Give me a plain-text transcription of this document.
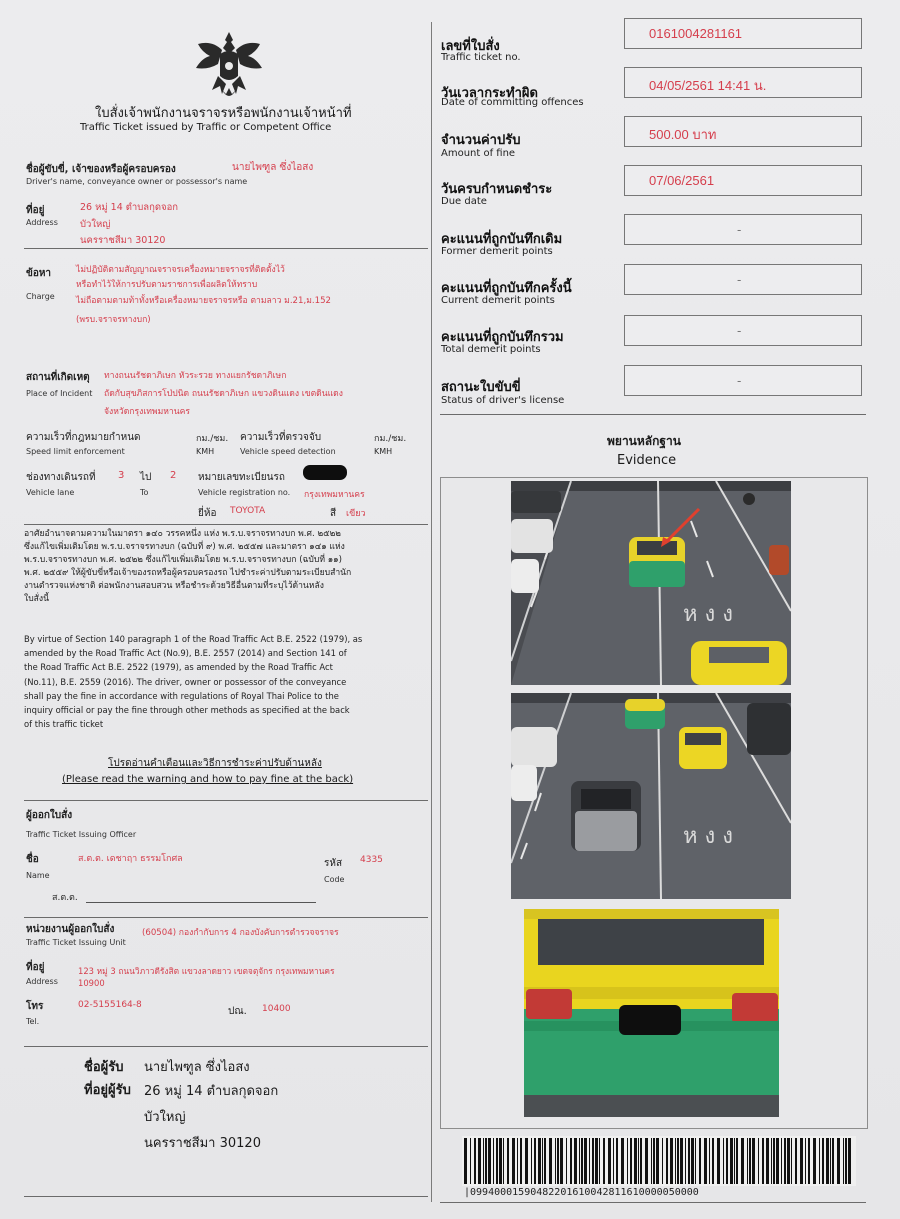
ใบสั่งเจ้าพนักงานจราจรหรือพนักงานเจ้าหน้าที่
Traffic Ticket issued by Traffic or Competent Office
ชื่อผู้ขับขี่, เจ้าของหรือผู้ครอบครอง	นายไพฑูล ซึ่งไอสง
Driver's name, conveyance owner or possessor's name
ที่อยู่
Address
26 หมู่ 14 ตำบลกุดจอก
บัวใหญ่
นครราชสีมา 30120
ข้อหา
Charge
ไม่ปฏิบัติตามสัญญาณจราจรเครื่องหมายจราจรที่ติดตั้งไว้
หรือทำไว้ให้การปรับตามราชการเพื่อผลิตให้ทราบ
ไม่ถือตามตามท้าทั้งหรือเครื่องหมายจราจรหรือ ตามลาว ม.21,ม.152
(พรบ.จราจรทางบก)
สถานที่เกิดเหตุ
Place of Incident
ทางถนนรัชดาภิเษก หัวระรวย ทางแยกรัชดาภิเษก
ถัดกับสุขภิสการโป่ปนิด ถนนรัชดาภิเษก แขวงดินแดง เขตดินแดง
จังหวัดกรุงเทพมหานคร
ความเร็วที่กฎหมายกำหนด
Speed limit enforcement
กม./ชม.
KMH
ความเร็วที่ตรวจจับ
Vehicle speed detection
กม./ชม.
KMH
ช่องทางเดินรถที่
Vehicle lane
3 ไป
To
2 หมายเลขทะเบียนรถ
Vehicle registration no. กรุงเทพมหานคร
ยี่ห้อ TOYOTA	สี เขียว
อาศัยอำนาจตามความในมาตรา ๑๔๐ วรรคหนึ่ง แห่ง พ.ร.บ.จราจรทางบก พ.ศ. ๒๕๒๒
ซึ่งแก้ไขเพิ่มเติมโดย พ.ร.บ.จราจรทางบก (ฉบับที่ ๙) พ.ศ. ๒๕๕๗ และมาตรา ๑๔๑ แห่ง
พ.ร.บ.จราจรทางบก พ.ศ. ๒๕๒๒ ซึ่งแก้ไขเพิ่มเติมโดย พ.ร.บ.จราจรทางบก (ฉบับที่ ๑๑)
พ.ศ. ๒๕๕๙ ให้ผู้ขับขี่หรือเจ้าของรถหรือผู้ครอบครองรถ ไปชำระค่าปรับตามระเบียบสำนัก
งานตำรวจแห่งชาติ ต่อพนักงานสอบสวน หรือชำระด้วยวิธีอื่นตามที่ระบุไว้ด้านหลัง
ใบสั่งนี้
By virtue of Section 140 paragraph 1 of the Road Traffic Act B.E. 2522 (1979), as
amended by the Road Traffic Act (No.9), B.E. 2557 (2014) and Section 141 of
the Road Traffic Act B.E. 2522 (1979), as amended by the Road Traffic Act
(No.11), B.E. 2559 (2016). The driver, owner or possessor of the conveyance
shall pay the fine in accordance with regulations of Royal Thai Police to the
inquiry official or pay the fine through other methods as specified at the back
of this traffic ticket
โปรดอ่านคำเตือนและวิธีการชำระค่าปรับด้านหลัง
(Please read the warning and how to pay fine at the back)
ผู้ออกใบสั่ง
Traffic Ticket Issuing Officer
ชื่อ
Name
ส.ต.ต. เดชาฤา ธรรมโกศล	รหัส
Code
4335
ส.ต.ต.
หน่วยงานผู้ออกใบสั่ง
Traffic Ticket Issuing Unit
(60504) กองกำกับการ 4 กองบังคับการตำรวจจราจร
ที่อยู่
Address
123 หมู่ 3 ถนนวิภาวดีรังสิต แขวงลาดยาว เขตจตุจักร กรุงเทพมหานคร
10900
โทร
Tel.
02-5155164-8
ปณ. 10400
ชื่อผู้รับ นายไพฑูล ซึ่งไอสง
ที่อยู่ผู้รับ 26 หมู่ 14 ตำบลกุดจอก
บัวใหญ่
นครราชสีมา 30120
เลขที่ใบสั่ง
Traffic ticket no.
0161004281161
วันเวลากระทำผิด
Date of committing offences
04/05/2561 14:41 น.
จำนวนค่าปรับ
Amount of fine
500.00 บาท
วันครบกำหนดชำระ
Due date
07/06/2561
คะแนนที่ถูกบันทึกเดิม
Former demerit points
-
คะแนนที่ถูกบันทึกครั้งนี้
Current demerit points
-
คะแนนที่ถูกบันทึกรวม
Total demerit points
-
สถานะใบขับขี่
Status of driver's license
-
พยานหลักฐาน
Evidence
ห ง ง
ห ง ง
|09940001590482201610042811610000050000
